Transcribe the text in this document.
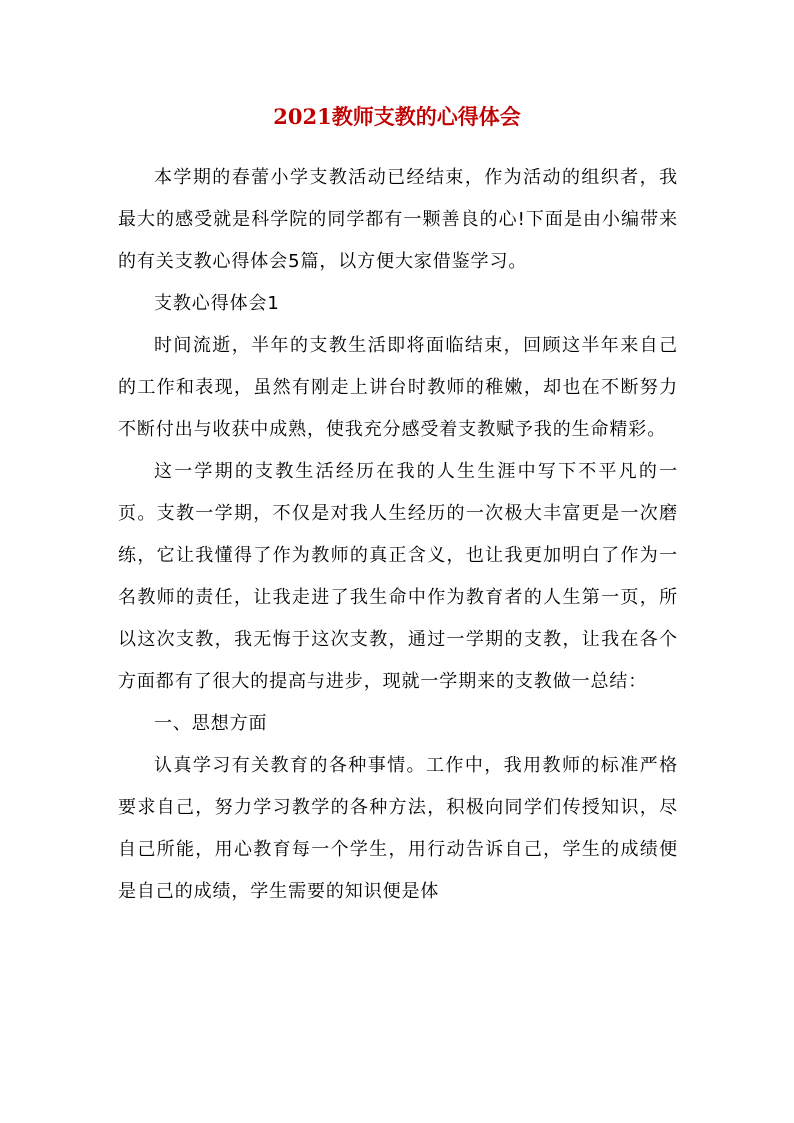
2021教师支教的心得体会

本学期的春蕾小学支教活动已经结束，作为活动的组织者，我最大的感受就是科学院的同学都有一颗善良的心!下面是由小编带来的有关支教心得体会5篇，以方便大家借鉴学习。

支教心得体会1

时间流逝，半年的支教生活即将面临结束，回顾这半年来自己的工作和表现，虽然有刚走上讲台时教师的稚嫩，却也在不断努力不断付出与收获中成熟，使我充分感受着支教赋予我的生命精彩。

这一学期的支教生活经历在我的人生生涯中写下不平凡的一页。支教一学期，不仅是对我人生经历的一次极大丰富更是一次磨练，它让我懂得了作为教师的真正含义，也让我更加明白了作为一名教师的责任，让我走进了我生命中作为教育者的人生第一页，所以这次支教，我无悔于这次支教，通过一学期的支教，让我在各个方面都有了很大的提高与进步，现就一学期来的支教做一总结：

一、思想方面

认真学习有关教育的各种事情。工作中，我用教师的标准严格要求自己，努力学习教学的各种方法，积极向同学们传授知识，尽自己所能，用心教育每一个学生，用行动告诉自己，学生的成绩便是自己的成绩，学生需要的知识便是体
